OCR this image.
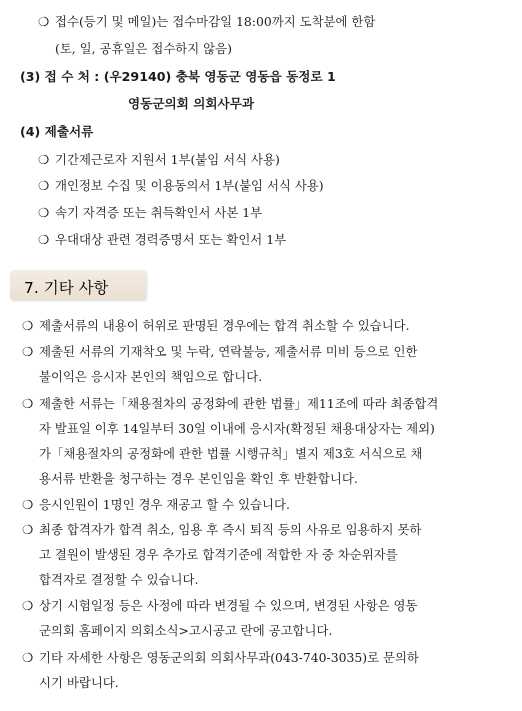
❍ 접수(등기 및 메일)는 접수마감일 18:00까지 도착분에 한함
(토, 일, 공휴일은 접수하지 않음)
(3) 접 수 처 : (우29140) 충북 영동군 영동읍 동정로 1
영동군의회 의회사무과
(4) 제출서류
❍ 기간제근로자 지원서 1부(붙임 서식 사용)
❍ 개인정보 수집 및 이용동의서 1부(붙임 서식 사용)
❍ 속기 자격증 또는 취득확인서 사본 1부
❍ 우대대상 관련 경력증명서 또는 확인서 1부
7. 기타 사항
❍ 제출서류의 내용이 허위로 판명된 경우에는 합격 취소할 수 있습니다.
❍ 제출된 서류의 기재착오 및 누락, 연락불능, 제출서류 미비 등으로 인한
불이익은 응시자 본인의 책임으로 합니다.
❍ 제출한 서류는「채용절차의 공정화에 관한 법률」제11조에 따라 최종합격
자 발표일 이후 14일부터 30일 이내에 응시자(확정된 채용대상자는 제외)
가「채용절차의 공정화에 관한 법률 시행규칙」별지 제3호 서식으로 채
용서류 반환을 청구하는 경우 본인임을 확인 후 반환합니다.
❍ 응시인원이 1명인 경우 재공고 할 수 있습니다.
❍ 최종 합격자가 합격 취소, 임용 후 즉시 퇴직 등의 사유로 임용하지 못하
고 결원이 발생된 경우 추가로 합격기준에 적합한 자 중 차순위자를
합격자로 결정할 수 있습니다.
❍ 상기 시험일정 등은 사정에 따라 변경될 수 있으며, 변경된 사항은 영동
군의회 홈페이지 의회소식>고시공고 란에 공고합니다.
❍ 기타 자세한 사항은 영동군의회 의회사무과(043-740-3035)로 문의하
시기 바랍니다.
